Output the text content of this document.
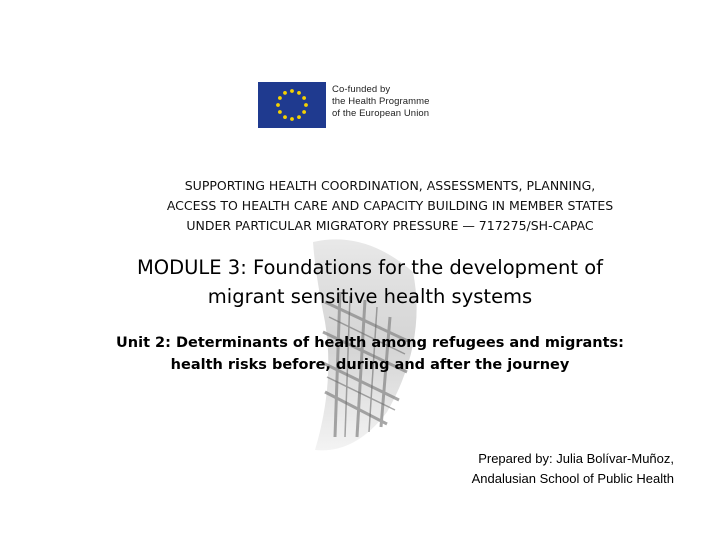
Co-funded by
the Health Programme
of the European Union
SUPPORTING HEALTH COORDINATION, ASSESSMENTS, PLANNING,
ACCESS TO HEALTH CARE AND CAPACITY BUILDING IN MEMBER STATES
UNDER PARTICULAR MIGRATORY PRESSURE — 717275/SH-CAPAC
MODULE 3: Foundations for the development of
migrant sensitive health systems
Unit 2: Determinants of health among refugees and migrants:
health risks before, during and after the journey
Prepared by: Julia Bolívar-Muñoz,
Andalusian School of Public Health
